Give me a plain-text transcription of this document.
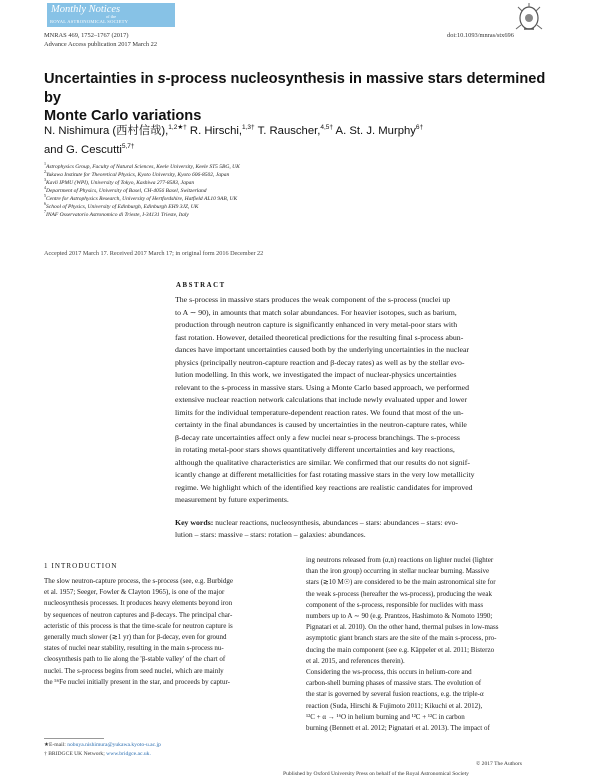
Monthly Notices
of the
ROYAL ASTRONOMICAL SOCIETY
MNRAS 469, 1752–1767 (2017)
Advance Access publication 2017 March 22
doi:10.1093/mnras/stx696
Uncertainties in s-process nucleosynthesis in massive stars determined by
Monte Carlo variations
N. Nishimura (西村信哉),$^{1,2★\dagger}$ R. Hirschi,$^{1,3\dagger}$ T. Rauscher,$^{4,5\dagger}$ A. St. J. Murphy$^{6\dagger}$
and G. Cescutti$^{5,7\dagger}$
$^1$Astrophysics Group, Faculty of Natural Sciences, Keele University, Keele ST5 5BG, UK
$^2$Yukawa Institute for Theoretical Physics, Kyoto University, Kyoto 606-8502, Japan
$^3$Kavli IPMU (WPI), University of Tokyo, Kashiwa 277-8583, Japan
$^4$Department of Physics, University of Basel, CH-4056 Basel, Switzerland
$^5$Centre for Astrophysics Research, University of Hertfordshire, Hatfield AL10 9AB, UK
$^6$School of Physics, University of Edinburgh, Edinburgh EH9 3JZ, UK
$^7$INAF Osservatorio Astronomico di Trieste, I-34131 Trieste, Italy
Accepted 2017 March 17. Received 2017 March 17; in original form 2016 December 22
ABSTRACT
The s-process in massive stars produces the weak component of the s-process (nuclei up
to A ∼ 90), in amounts that match solar abundances. For heavier isotopes, such as barium,
production through neutron capture is significantly enhanced in very metal-poor stars with
fast rotation. However, detailed theoretical predictions for the resulting final s-process abun-
dances have important uncertainties caused both by the underlying uncertainties in the nuclear
physics (principally neutron-capture reaction and β-decay rates) as well as by the stellar evo-
lution modelling. In this work, we investigated the impact of nuclear-physics uncertainties
relevant to the s-process in massive stars. Using a Monte Carlo based approach, we performed
extensive nuclear reaction network calculations that include newly evaluated upper and lower
limits for the individual temperature-dependent reaction rates. We found that most of the un-
certainty in the final abundances is caused by uncertainties in the neutron-capture rates, while
β-decay rate uncertainties affect only a few nuclei near s-process branchings. The s-process
in rotating metal-poor stars shows quantitatively different uncertainties and key reactions,
although the qualitative characteristics are similar. We confirmed that our results do not signif-
icantly change at different metallicities for fast rotating massive stars in the very low metallicity
regime. We highlight which of the identified key reactions are realistic candidates for improved
measurement by future experiments.
Key words: nuclear reactions, nucleosynthesis, abundances – stars: abundances – stars: evo-
lution – stars: massive – stars: rotation – galaxies: abundances.
1 INTRODUCTION
The slow neutron-capture process, the s-process (see, e.g. Burbidge
et al. 1957; Seeger, Fowler & Clayton 1965), is one of the major
nucleosynthesis processes. It produces heavy elements beyond iron
by sequences of neutron captures and β-decays. The principal char-
acteristic of this process is that the time-scale for neutron capture is
generally much slower (≳1 yr) than for β-decay, even for ground
states of nuclei near stability, resulting in the main s-process nu-
cleosynthesis path to lie along the 'β-stable valley' of the chart of
nuclei. The s-process begins from seed nuclei, which are mainly
the ⁵⁶Fe nuclei initially present in the star, and proceeds by captur-
ing neutrons released from (α,n) reactions on lighter nuclei (lighter
than the iron group) occurring in stellar nuclear burning. Massive
stars (≳10 M☉) are considered to be the main astronomical site for
the weak s-process (hereafter the ws-process), producing the weak
component of the s-process, responsible for nuclides with mass
numbers up to A ∼ 90 (e.g. Prantzos, Hashimoto & Nomoto 1990;
Pignatari et al. 2010). On the other hand, thermal pulses in low-mass
asymptotic giant branch stars are the site of the main s-process, pro-
ducing the main component (see e.g. Käppeler et al. 2011; Bisterzo
et al. 2015, and references therein).
Considering the ws-process, this occurs in helium-core and
carbon-shell burning phases of massive stars. The evolution of
the star is governed by several fusion reactions, e.g. the triple-α
reaction (Suda, Hirschi & Fujimoto 2011; Kikuchi et al. 2012),
¹²C + α → ¹⁶O in helium burning and ¹²C + ¹²C in carbon
burning (Bennett et al. 2012; Pignatari et al. 2013). The impact of
★E-mail: nobuya.nishimura@yukawa.kyoto-u.ac.jp
† BRIDGCE UK Network; www.bridgce.ac.uk.
© 2017 The Authors
Published by Oxford University Press on behalf of the Royal Astronomical Society
